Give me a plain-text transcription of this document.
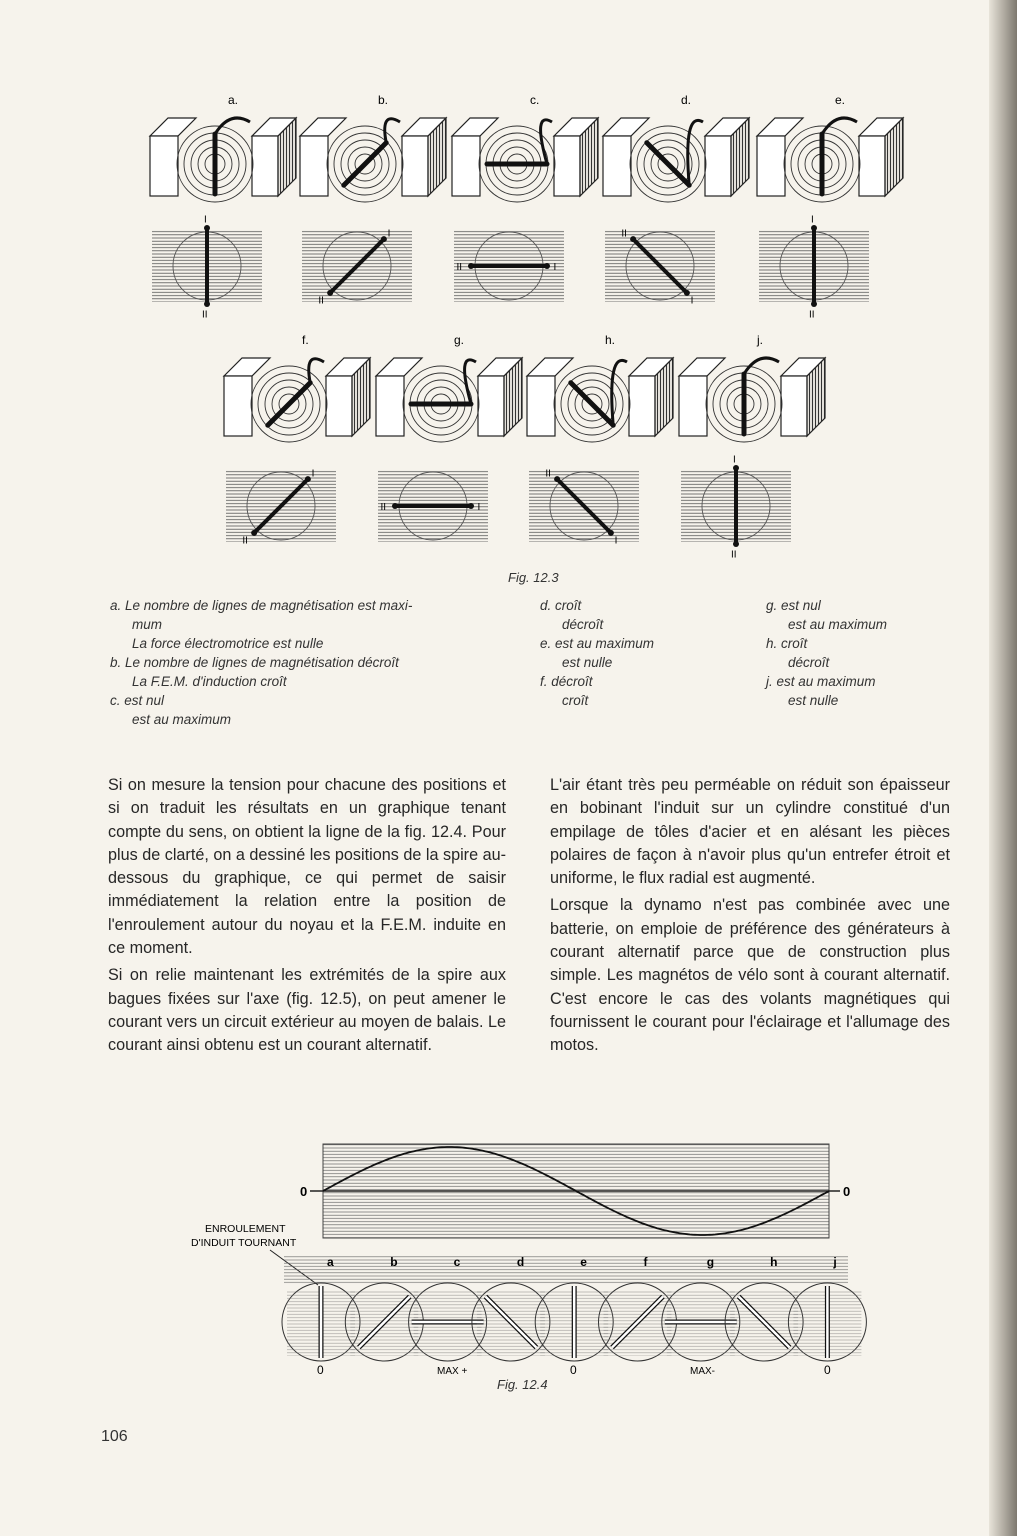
a.	b.	c.	d.	e.
I
II
I
II
I
II
I
II
I
II
f.	g.	h.	j.
I
II
I
II
I
II
I
II
Fig. 12.3
a. Le nombre de lignes de magnétisation est maxi-
mum
La force électromotrice est nulle
b. Le nombre de lignes de magnétisation décroît
La F.E.M. d'induction croît
c. est nul
est au maximum
d. croît
décroît
e. est au maximum
est nulle
f. décroît
croît
g. est nul
est au maximum
h. croît
décroît
j. est au maximum
est nulle

Si on mesure la tension pour chacune des positions et si on traduit les résultats en un graphique tenant compte du sens, on obtient la ligne de la fig. 12.4. Pour plus de clarté, on a dessiné les positions de la spire au-dessous du graphique, ce qui permet de saisir immédiatement la relation entre la position de l'enroulement autour du noyau et la F.E.M. induite en ce moment.

Si on relie maintenant les extrémités de la spire aux bagues fixées sur l'axe (fig. 12.5), on peut amener le courant vers un circuit extérieur au moyen de balais. Le courant ainsi obtenu est un courant alternatif.

L'air étant très peu perméable on réduit son épaisseur en bobinant l'induit sur un cylindre constitué d'un empilage de tôles d'acier et en alésant les pièces polaires de façon à n'avoir plus qu'un entrefer étroit et uniforme, le flux radial est augmenté.

Lorsque la dynamo n'est pas combinée avec une batterie, on emploie de préférence des générateurs à courant alternatif parce que de construction plus simple. Les magnétos de vélo sont à courant alternatif. C'est encore le cas des volants magnétiques qui fournissent le courant pour l'éclairage et l'allumage des motos.

0	0
ENROULEMENT
D'INDUIT TOURNANT
a	b	c	d	e	f	g	h	j
0	MAX +	0	MAX-	0
Fig. 12.4
106
